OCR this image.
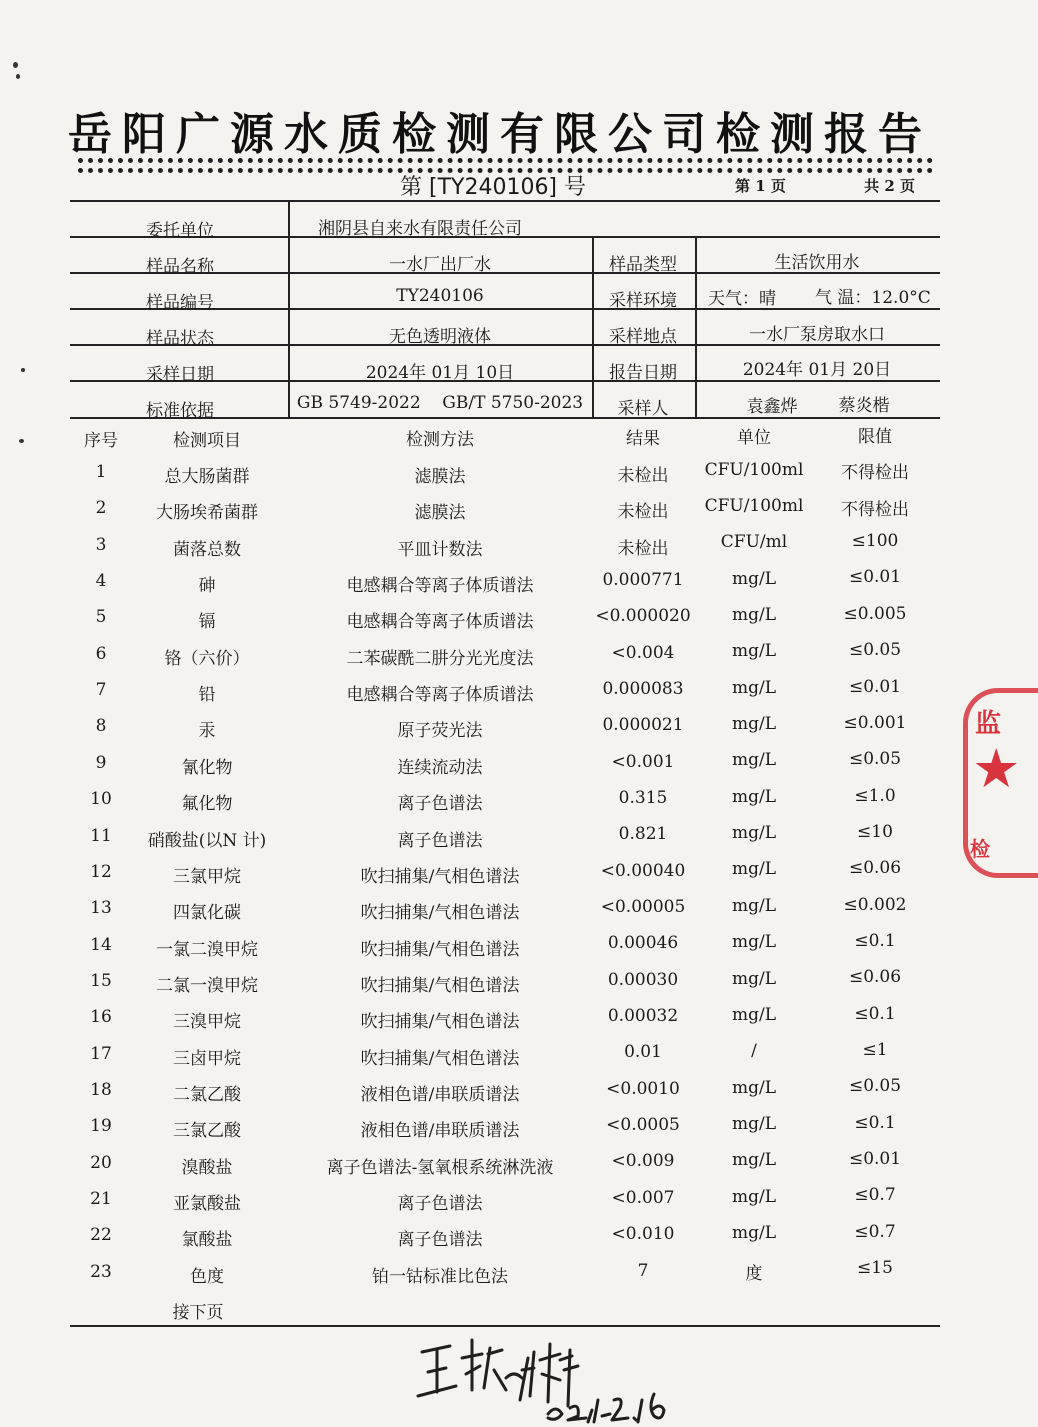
岳阳广源水质检测有限公司检测报告
第 [TY240106] 号	第 1 页	共 2 页
委托单位	湘阴县自来水有限责任公司
样品名称	一水厂出厂水	样品类型	生活饮用水
样品编号	TY240106	采样环境 天气：晴 气 温：12.0°C
样品状态	无色透明液体	采样地点	一水厂泵房取水口
采样日期	2024年 01月 10日	报告日期	2024年 01月 20日
标准依据	GB 5749-2022    GB/T 5750-2023 采样人	袁鑫烨 蔡炎楷
序号	检测项目	检测方法	结果	单位	限值
1	总大肠菌群	滤膜法	未检出 CFU/100ml 不得检出
2	大肠埃希菌群	滤膜法	未检出 CFU/100ml 不得检出
3	菌落总数	平皿计数法	未检出	CFU/ml	≤100
4	砷	电感耦合等离子体质谱法	0.000771	mg/L	≤0.01
5	镉	电感耦合等离子体质谱法	<0.000020 mg/L	≤0.005
6	铬（六价）	二苯碳酰二肼分光光度法	<0.004	mg/L	≤0.05
7	铅	电感耦合等离子体质谱法	0.000083	mg/L	≤0.01
8	汞	原子荧光法	0.000021	mg/L	≤0.001
9	氰化物	连续流动法	<0.001	mg/L	≤0.05
10	氟化物	离子色谱法	0.315	mg/L	≤1.0
11 硝酸盐(以N 计)	离子色谱法	0.821	mg/L	≤10
12	三氯甲烷	吹扫捕集/气相色谱法	<0.00040	mg/L	≤0.06
13	四氯化碳	吹扫捕集/气相色谱法	<0.00005	mg/L	≤0.002
14	一氯二溴甲烷	吹扫捕集/气相色谱法	0.00046	mg/L	≤0.1
15	二氯一溴甲烷	吹扫捕集/气相色谱法	0.00030	mg/L	≤0.06
16	三溴甲烷	吹扫捕集/气相色谱法	0.00032	mg/L	≤0.1
17	三卤甲烷	吹扫捕集/气相色谱法	0.01	/	≤1
18	二氯乙酸	液相色谱/串联质谱法	<0.0010	mg/L	≤0.05
19	三氯乙酸	液相色谱/串联质谱法	<0.0005	mg/L	≤0.1
20	溴酸盐	离子色谱法-氢氧根系统淋洗液	<0.009	mg/L	≤0.01
21	亚氯酸盐	离子色谱法	<0.007	mg/L	≤0.7
22	氯酸盐	离子色谱法	<0.010	mg/L	≤0.7
23	色度	铂一钴标准比色法	7	度	≤15
接下页
★
监
检
